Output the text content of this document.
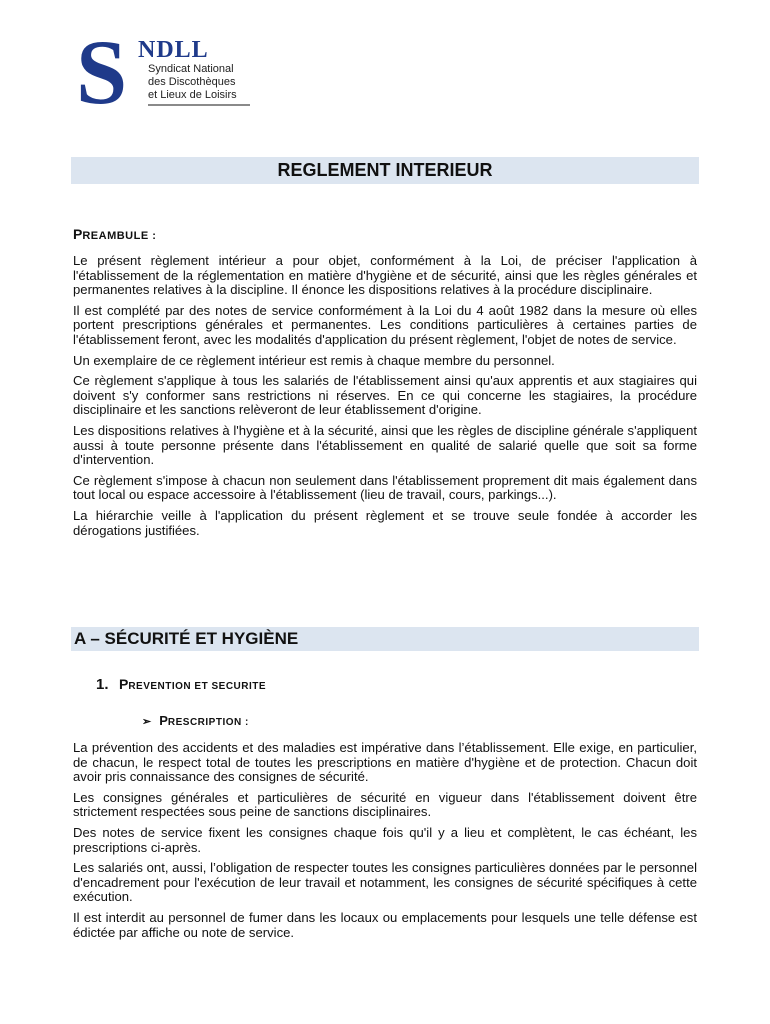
S NDLL
Syndicat National
des Discothèques
et Lieux de Loisirs
REGLEMENT INTERIEUR
PREAMBULE :

Le présent règlement intérieur a pour objet, conformément à la Loi, de préciser l'application à l'établissement de la réglementation en matière d'hygiène et de sécurité, ainsi que les règles générales et permanentes relatives à la discipline. Il énonce les dispositions relatives à la procédure disciplinaire.

Il est complété par des notes de service conformément à la Loi du 4 août 1982 dans la mesure où elles portent prescriptions générales et permanentes. Les conditions particulières à certaines parties de l'établissement feront, avec les modalités d'application du présent règlement, l'objet de notes de service.

Un exemplaire de ce règlement intérieur est remis à chaque membre du personnel.

Ce règlement s'applique à tous les salariés de l'établissement ainsi qu'aux apprentis et aux stagiaires qui doivent s'y conformer sans restrictions ni réserves. En ce qui concerne les stagiaires, la procédure disciplinaire et les sanctions relèveront de leur établissement d'origine.

Les dispositions relatives à l'hygiène et à la sécurité, ainsi que les règles de discipline générale s'appliquent aussi à toute personne présente dans l'établissement en qualité de salarié quelle que soit sa forme d'intervention.

Ce règlement s'impose à chacun non seulement dans l'établissement proprement dit mais également dans tout local ou espace accessoire à l'établissement (lieu de travail, cours, parkings...).

La hiérarchie veille à l'application du présent règlement et se trouve seule fondée à accorder les dérogations justifiées.

A – SÉCURITÉ ET HYGIÈNE
1. PREVENTION ET SECURITE
➢ PRESCRIPTION :

La prévention des accidents et des maladies est impérative dans l’établissement. Elle exige, en particulier, de chacun, le respect total de toutes les prescriptions en matière d'hygiène et de protection. Chacun doit avoir pris connaissance des consignes de sécurité.

Les consignes générales et particulières de sécurité en vigueur dans l'établissement doivent être strictement respectées sous peine de sanctions disciplinaires.

Des notes de service fixent les consignes chaque fois qu'il y a lieu et complètent, le cas échéant, les prescriptions ci-après.

Les salariés ont, aussi, l’obligation de respecter toutes les consignes particulières données par le personnel d'encadrement pour l'exécution de leur travail et notamment, les consignes de sécurité spécifiques à cette exécution.

Il est interdit au personnel de fumer dans les locaux ou emplacements pour lesquels une telle défense est édictée par affiche ou note de service.
